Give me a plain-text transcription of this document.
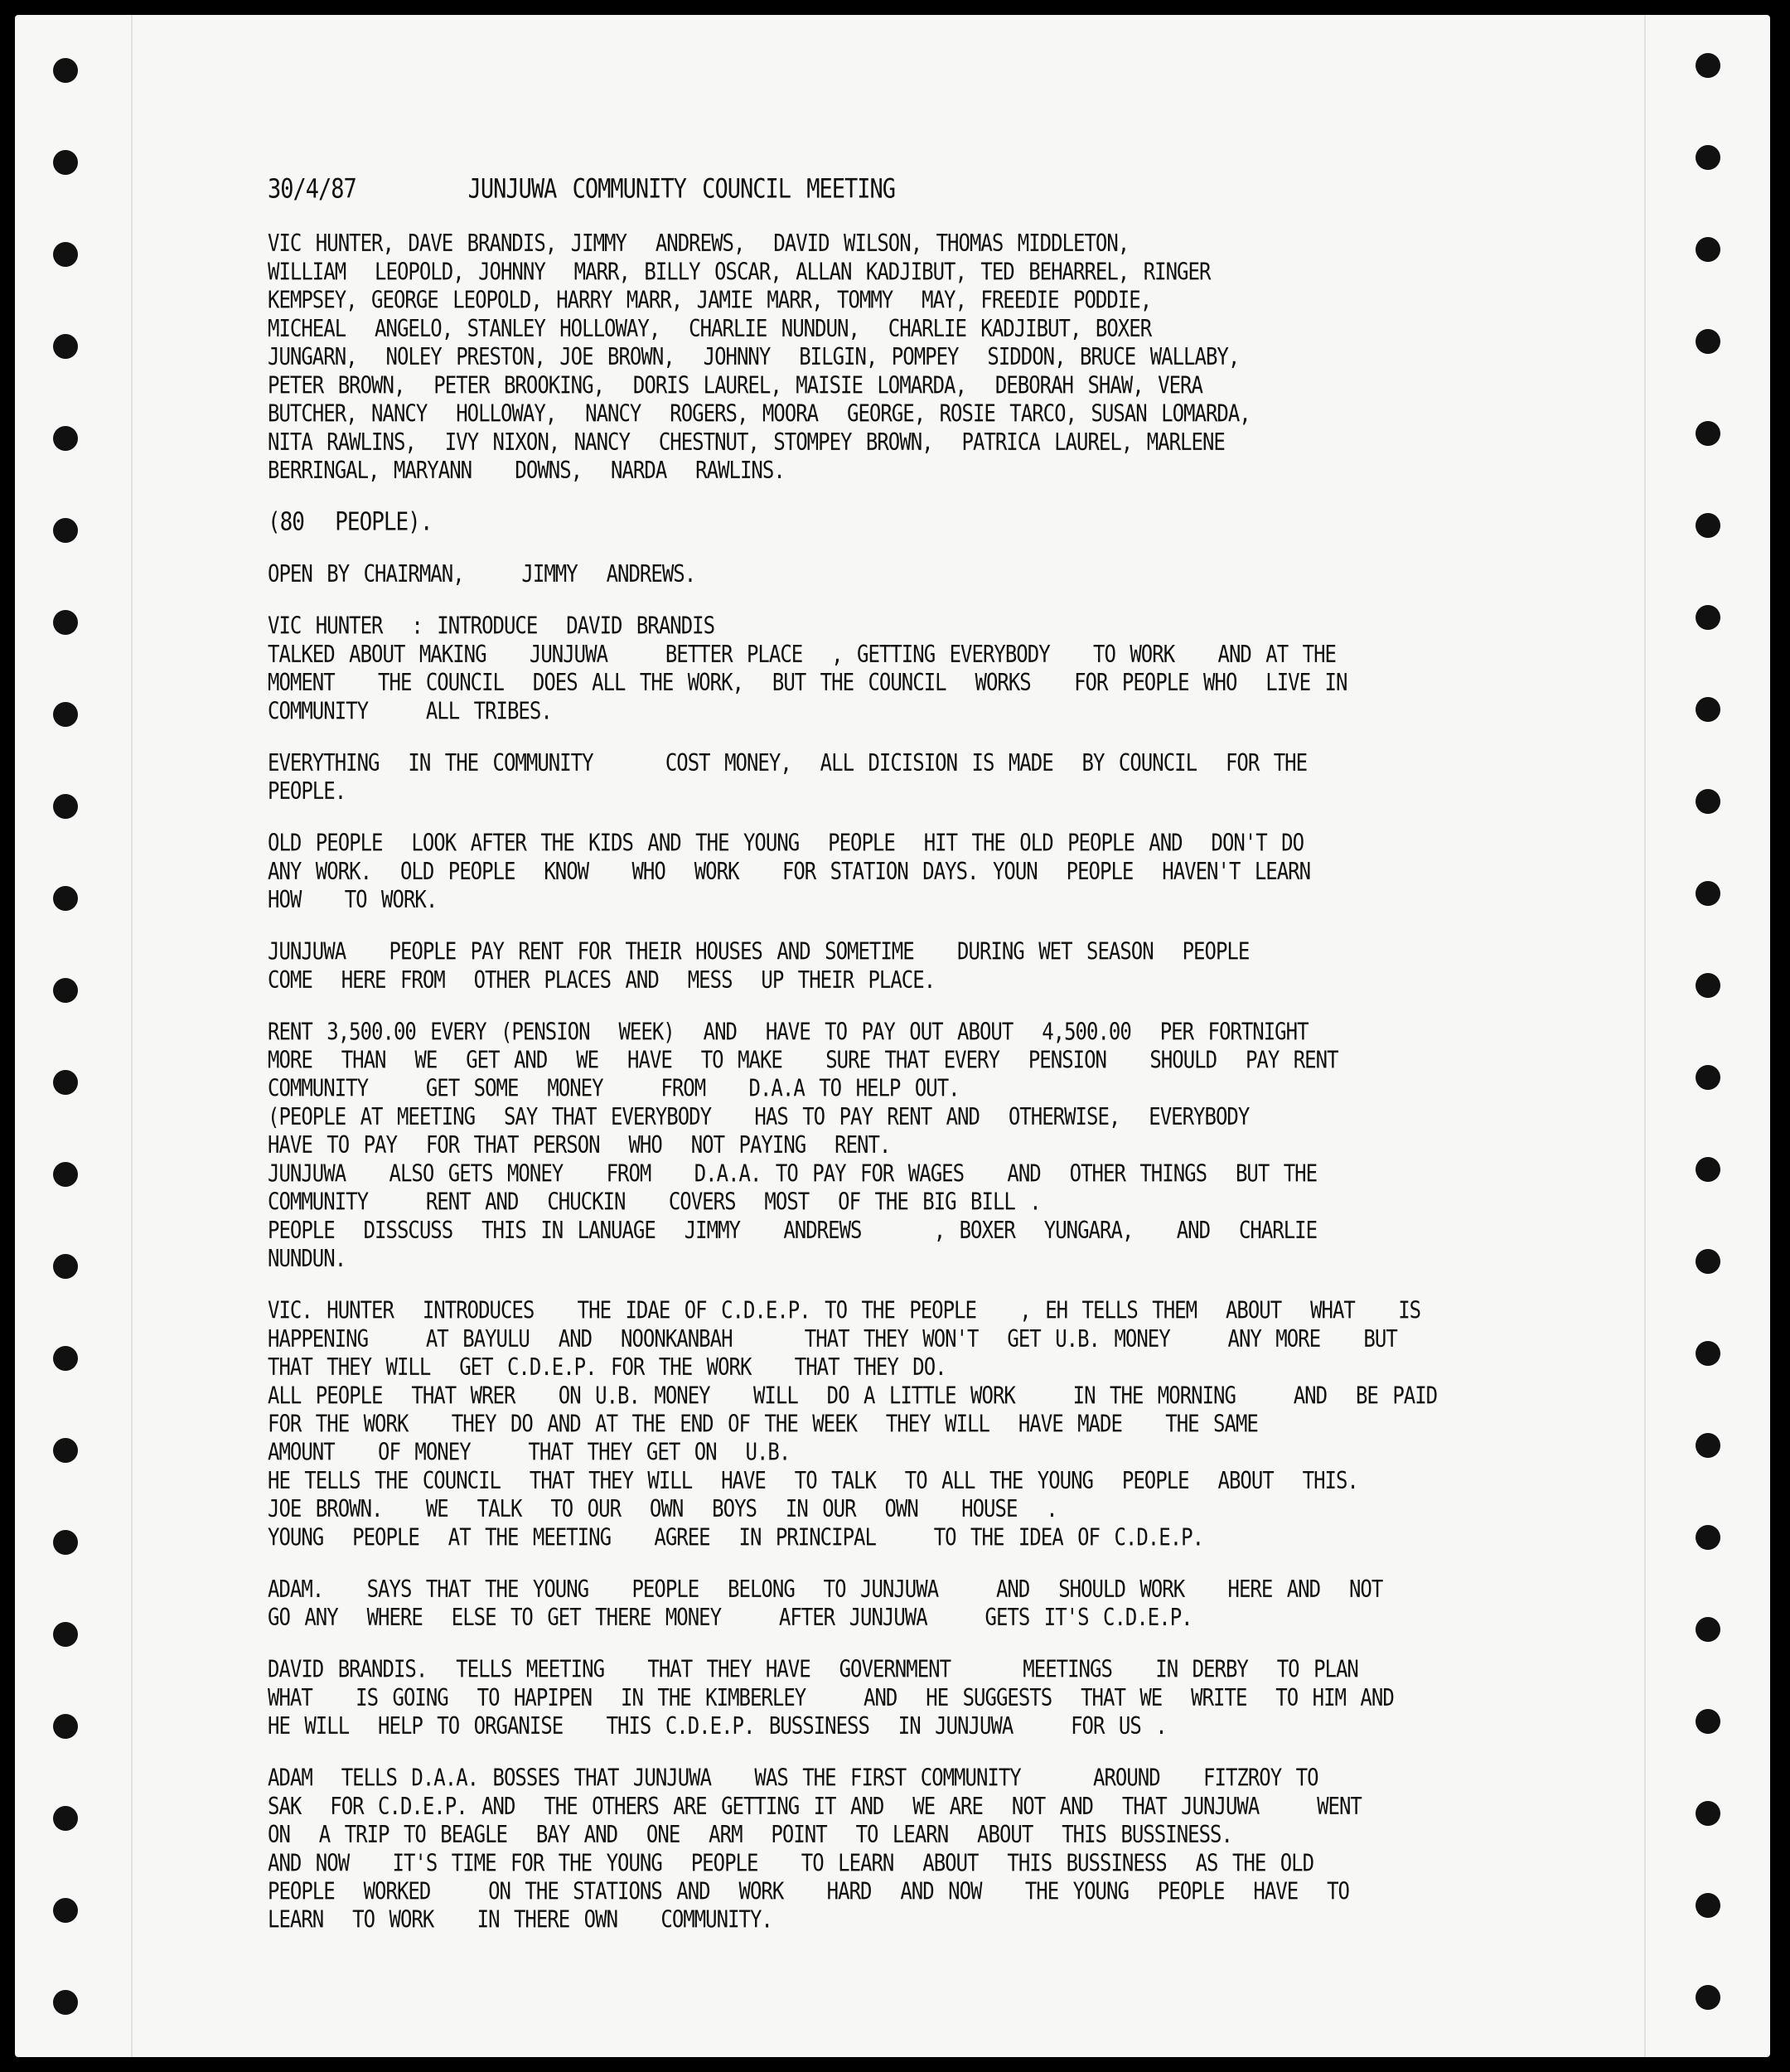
30/4/87	JUNJUWA COMMUNITY COUNCIL MEETING
VIC HUNTER, DAVE BRANDIS, JIMMY  ANDREWS,  DAVID WILSON, THOMAS MIDDLETON,
WILLIAM  LEOPOLD, JOHNNY  MARR, BILLY OSCAR, ALLAN KADJIBUT, TED BEHARREL, RINGER
KEMPSEY, GEORGE LEOPOLD, HARRY MARR, JAMIE MARR, TOMMY  MAY, FREEDIE PODDIE,
MICHEAL  ANGELO, STANLEY HOLLOWAY,  CHARLIE NUNDUN,  CHARLIE KADJIBUT, BOXER
JUNGARN,  NOLEY PRESTON, JOE BROWN,  JOHNNY  BILGIN, POMPEY  SIDDON, BRUCE WALLABY,
PETER BROWN,  PETER BROOKING,  DORIS LAUREL, MAISIE LOMARDA,  DEBORAH SHAW, VERA
BUTCHER, NANCY  HOLLOWAY,  NANCY  ROGERS, MOORA  GEORGE, ROSIE TARCO, SUSAN LOMARDA,
NITA RAWLINS,  IVY NIXON, NANCY  CHESTNUT, STOMPEY BROWN,  PATRICA LAUREL, MARLENE
BERRINGAL, MARYANN   DOWNS,  NARDA  RAWLINS.
(80  PEOPLE).
OPEN BY CHAIRMAN,    JIMMY  ANDREWS.
VIC HUNTER  : INTRODUCE  DAVID BRANDIS
TALKED ABOUT MAKING   JUNJUWA    BETTER PLACE  , GETTING EVERYBODY   TO WORK   AND AT THE
MOMENT   THE COUNCIL  DOES ALL THE WORK,  BUT THE COUNCIL  WORKS   FOR PEOPLE WHO  LIVE IN
COMMUNITY    ALL TRIBES.
EVERYTHING  IN THE COMMUNITY     COST MONEY,  ALL DICISION IS MADE  BY COUNCIL  FOR THE
PEOPLE.
OLD PEOPLE  LOOK AFTER THE KIDS AND THE YOUNG  PEOPLE  HIT THE OLD PEOPLE AND  DON'T DO
ANY WORK.  OLD PEOPLE  KNOW   WHO  WORK   FOR STATION DAYS. YOUN  PEOPLE  HAVEN'T LEARN
HOW   TO WORK.
JUNJUWA   PEOPLE PAY RENT FOR THEIR HOUSES AND SOMETIME   DURING WET SEASON  PEOPLE
COME  HERE FROM  OTHER PLACES AND  MESS  UP THEIR PLACE.
RENT 3,500.00 EVERY (PENSION  WEEK)  AND  HAVE TO PAY OUT ABOUT  4,500.00  PER FORTNIGHT
MORE  THAN  WE  GET AND  WE  HAVE  TO MAKE   SURE THAT EVERY  PENSION   SHOULD  PAY RENT
COMMUNITY    GET SOME  MONEY    FROM   D.A.A TO HELP OUT.
(PEOPLE AT MEETING  SAY THAT EVERYBODY   HAS TO PAY RENT AND  OTHERWISE,  EVERYBODY
HAVE TO PAY  FOR THAT PERSON  WHO  NOT PAYING  RENT.
JUNJUWA   ALSO GETS MONEY   FROM   D.A.A. TO PAY FOR WAGES   AND  OTHER THINGS  BUT THE
COMMUNITY    RENT AND  CHUCKIN   COVERS  MOST  OF THE BIG BILL .
PEOPLE  DISSCUSS  THIS IN LANUAGE  JIMMY   ANDREWS     , BOXER  YUNGARA,   AND  CHARLIE
NUNDUN.
VIC. HUNTER  INTRODUCES   THE IDAE OF C.D.E.P. TO THE PEOPLE   , EH TELLS THEM  ABOUT  WHAT   IS
HAPPENING    AT BAYULU  AND  NOONKANBAH     THAT THEY WON'T  GET U.B. MONEY    ANY MORE   BUT
THAT THEY WILL  GET C.D.E.P. FOR THE WORK   THAT THEY DO.
ALL PEOPLE  THAT WRER   ON U.B. MONEY   WILL  DO A LITTLE WORK    IN THE MORNING    AND  BE PAID
FOR THE WORK   THEY DO AND AT THE END OF THE WEEK  THEY WILL  HAVE MADE   THE SAME
AMOUNT   OF MONEY    THAT THEY GET ON  U.B.
HE TELLS THE COUNCIL  THAT THEY WILL  HAVE  TO TALK  TO ALL THE YOUNG  PEOPLE  ABOUT  THIS.
JOE BROWN.   WE  TALK  TO OUR  OWN  BOYS  IN OUR  OWN   HOUSE  .
YOUNG  PEOPLE  AT THE MEETING   AGREE  IN PRINCIPAL    TO THE IDEA OF C.D.E.P.
ADAM.   SAYS THAT THE YOUNG   PEOPLE  BELONG  TO JUNJUWA    AND  SHOULD WORK   HERE AND  NOT
GO ANY  WHERE  ELSE TO GET THERE MONEY    AFTER JUNJUWA    GETS IT'S C.D.E.P.
DAVID BRANDIS.  TELLS MEETING   THAT THEY HAVE  GOVERNMENT     MEETINGS   IN DERBY  TO PLAN
WHAT   IS GOING  TO HAPIPEN  IN THE KIMBERLEY    AND  HE SUGGESTS  THAT WE  WRITE  TO HIM AND
HE WILL  HELP TO ORGANISE   THIS C.D.E.P. BUSSINESS  IN JUNJUWA    FOR US .
ADAM  TELLS D.A.A. BOSSES THAT JUNJUWA   WAS THE FIRST COMMUNITY     AROUND   FITZROY TO
SAK  FOR C.D.E.P. AND  THE OTHERS ARE GETTING IT AND  WE ARE  NOT AND  THAT JUNJUWA    WENT
ON  A TRIP TO BEAGLE  BAY AND  ONE  ARM  POINT  TO LEARN  ABOUT  THIS BUSSINESS.
AND NOW   IT'S TIME FOR THE YOUNG  PEOPLE   TO LEARN  ABOUT  THIS BUSSINESS  AS THE OLD
PEOPLE  WORKED    ON THE STATIONS AND  WORK   HARD  AND NOW   THE YOUNG  PEOPLE  HAVE  TO
LEARN  TO WORK   IN THERE OWN   COMMUNITY.
